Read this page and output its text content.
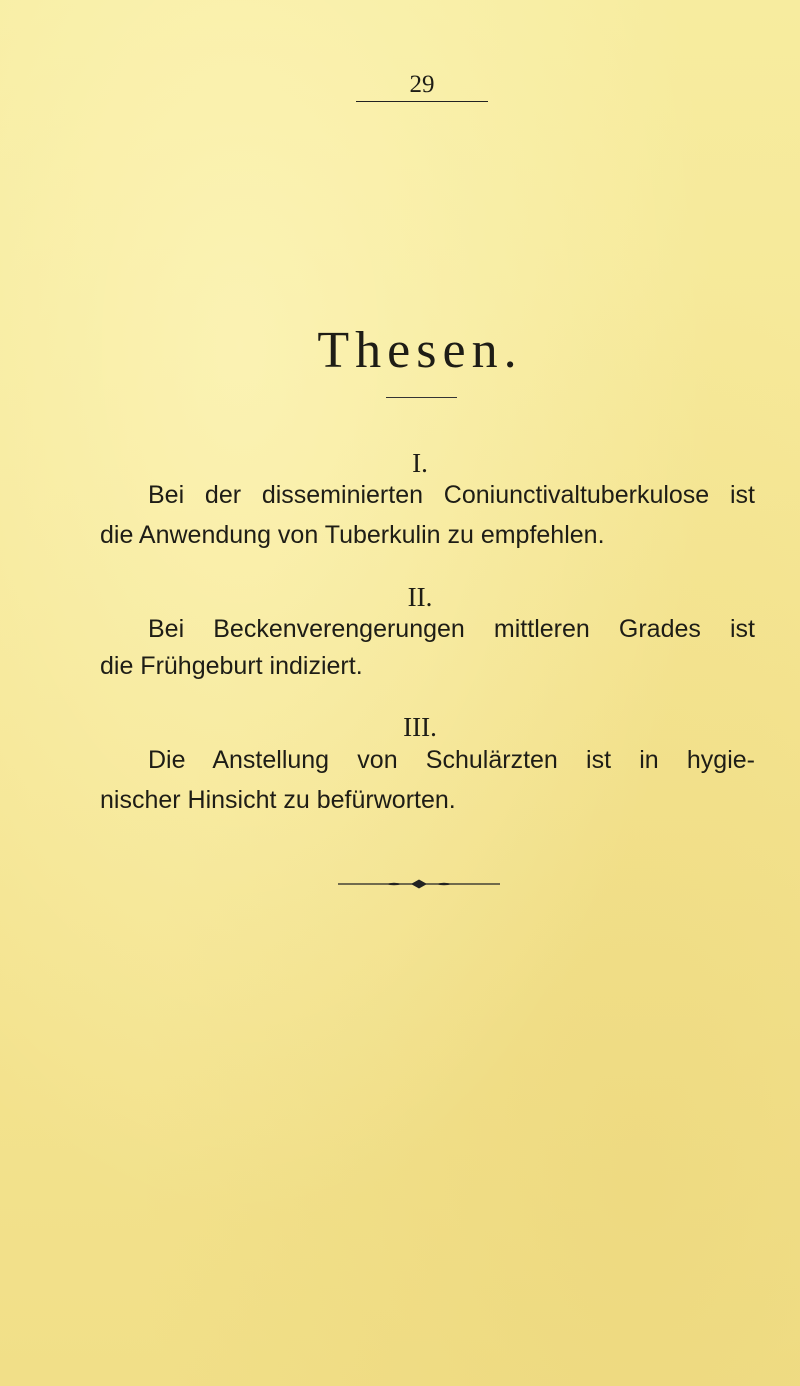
29
Thesen.
I.
Bei der disseminierten Coniunctivaltuberkulose ist
die Anwendung von Tuberkulin zu empfehlen.
II.
Bei Beckenverengerungen mittleren Grades ist
die Frühgeburt indiziert.
III.
Die Anstellung von Schulärzten ist in hygie-
nischer Hinsicht zu befürworten.
